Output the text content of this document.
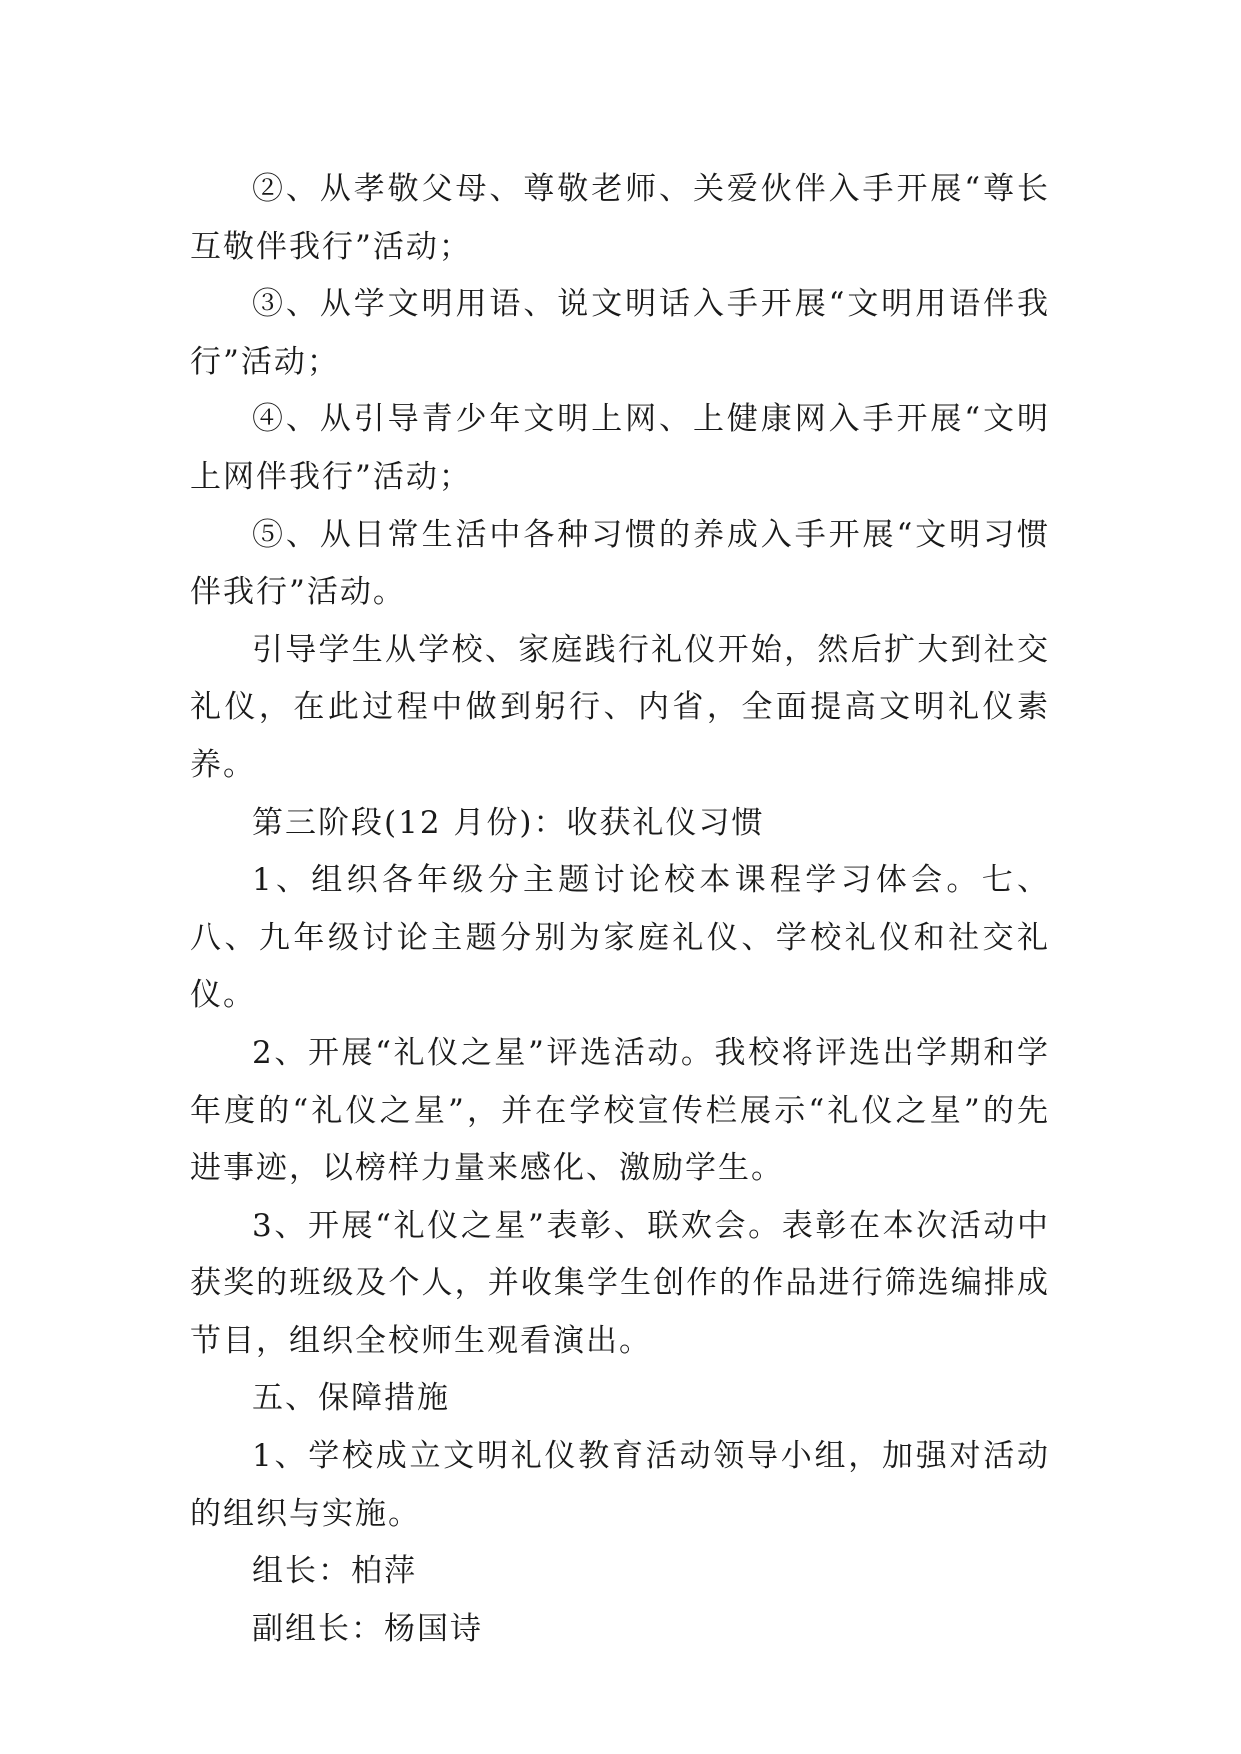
②、从孝敬父母、尊敬老师、关爱伙伴入手开展“尊长互敬伴我行”活动；

③、从学文明用语、说文明话入手开展“文明用语伴我行”活动；

④、从引导青少年文明上网、上健康网入手开展“文明上网伴我行”活动；

⑤、从日常生活中各种习惯的养成入手开展“文明习惯伴我行”活动。

引导学生从学校、家庭践行礼仪开始，然后扩大到社交礼仪，在此过程中做到躬行、内省，全面提高文明礼仪素养。

第三阶段(12 月份)：收获礼仪习惯

1、组织各年级分主题讨论校本课程学习体会。七、八、九年级讨论主题分别为家庭礼仪、学校礼仪和社交礼仪。

2、开展“礼仪之星”评选活动。我校将评选出学期和学年度的“礼仪之星”，并在学校宣传栏展示“礼仪之星”的先进事迹，以榜样力量来感化、激励学生。

3、开展“礼仪之星”表彰、联欢会。表彰在本次活动中获奖的班级及个人，并收集学生创作的作品进行筛选编排成节目，组织全校师生观看演出。

五、保障措施

1、学校成立文明礼仪教育活动领导小组，加强对活动的组织与实施。

组长：柏萍

副组长：杨国诗
